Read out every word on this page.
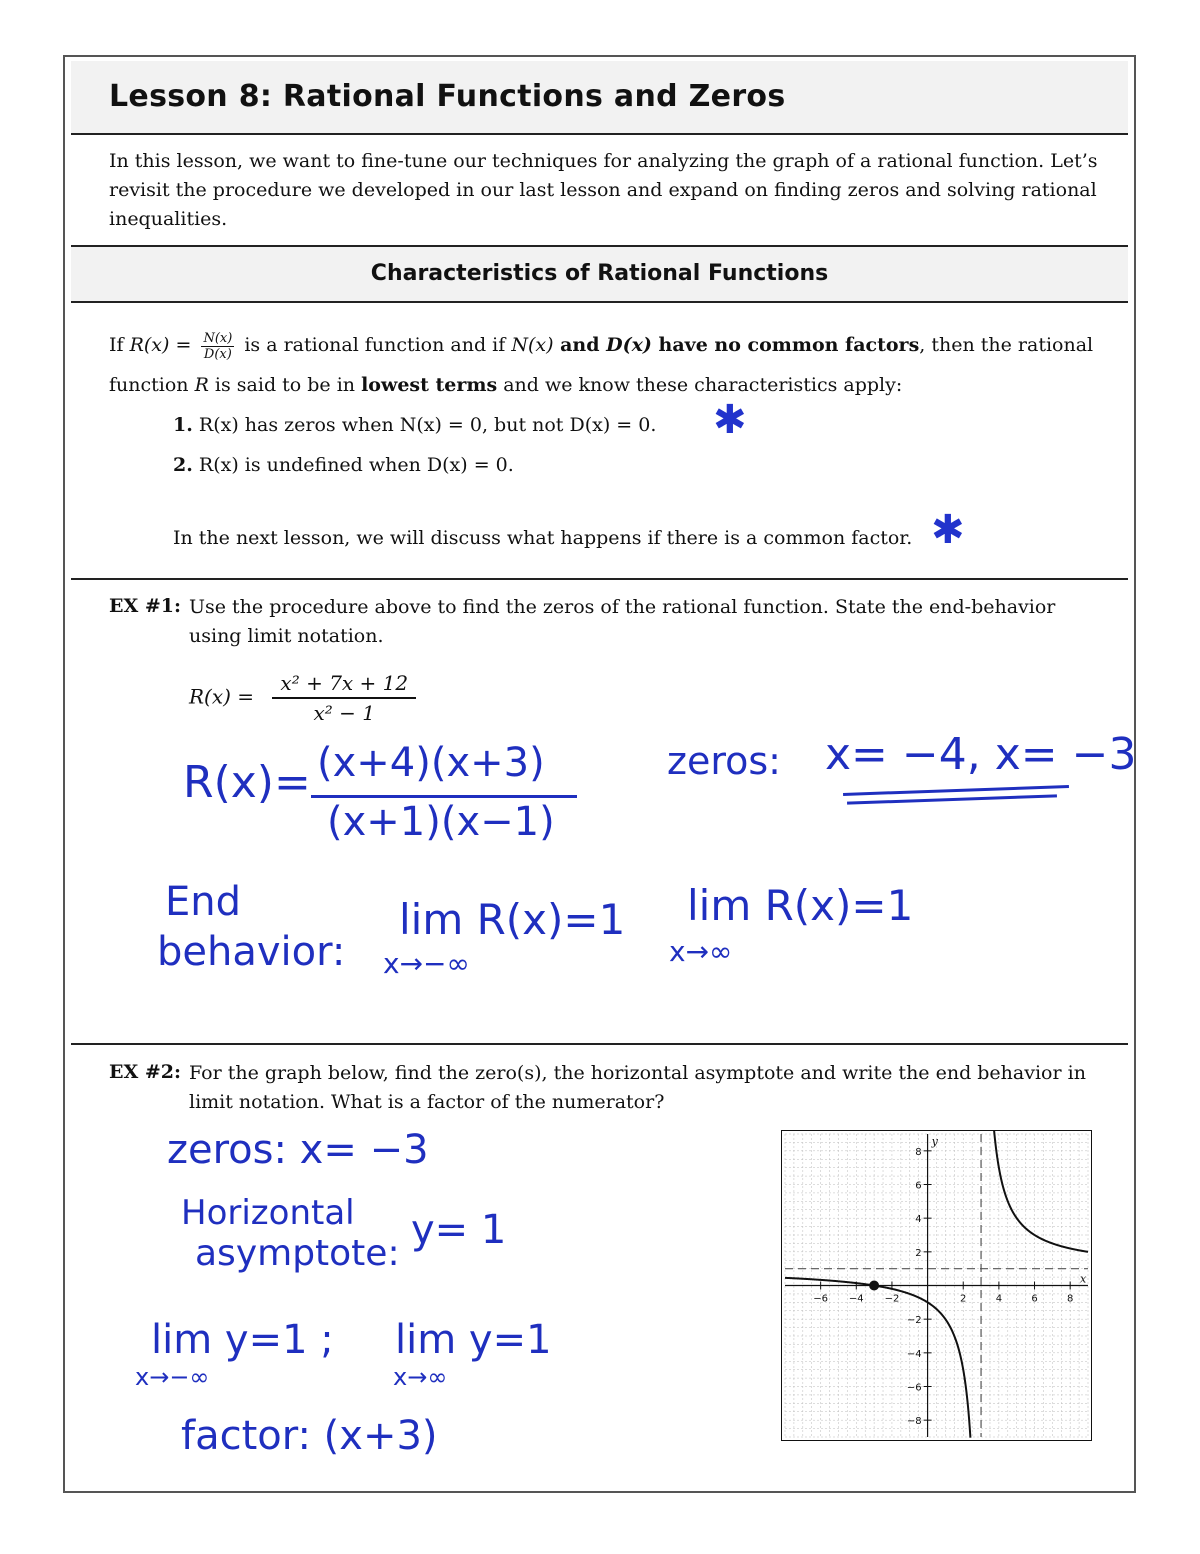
Lesson 8: Rational Functions and Zeros
In this lesson, we want to fine-tune our techniques for analyzing the graph of a rational function. Let’s revisit the procedure we developed in our last lesson and expand on finding zeros and solving rational inequalities.
Characteristics of Rational Functions
If $R(x) = \frac{N(x)}{D(x)}$ is a rational function and if N(x) and D(x) have no common factors, then the rational function R is said to be in lowest terms and we know these characteristics apply:
1. R(x) has zeros when N(x) = 0, but not D(x) = 0.
2. R(x) is undefined when D(x) = 0.
✱
In the next lesson, we will discuss what happens if there is a common factor. ✱
EX #1: Use the procedure above to find the zeros of the rational function. State the end-behavior using limit notation.
$R(x) = \frac{\text{x² + 7x + 12}}{\text{x² − 1}}$
R(x)= (x+4)(x+3)
(x+1)(x−1)
zeros: x= −4, x= −3
End
behavior:
lim R(x)=1
x→−∞
lim R(x)=1
x→∞
EX #2: For the graph below, find the zero(s), the horizontal asymptote and write the end behavior in limit notation. What is a factor of the numerator?
zeros: x= −3
Horizontal
asymptote:
y= 1
lim y=1 ;
x→−∞
lim y=1
x→∞
factor: (x+3)
x
y
−6 −4 −2	2	4	6	8
8
6
4
2
−2
−4
−6
−8
